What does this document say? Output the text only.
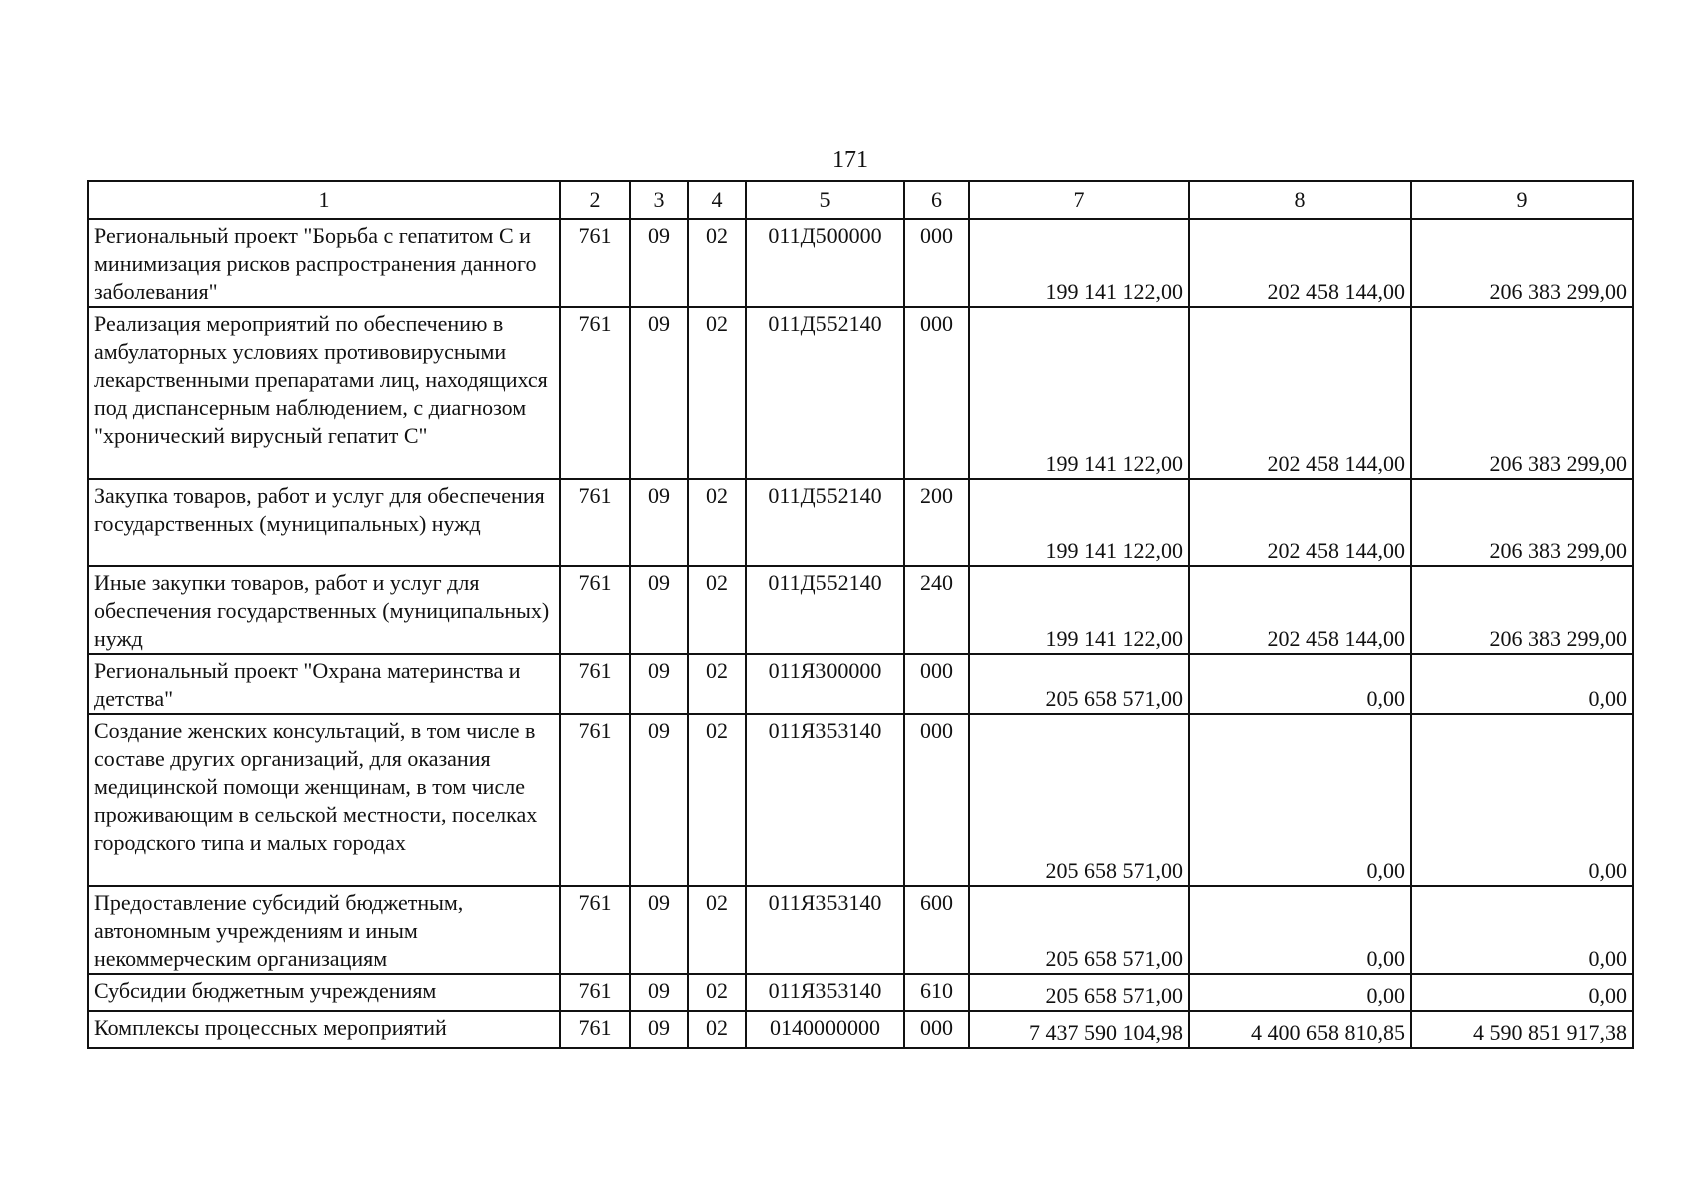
171
1	2	3	4	5	6	7	8	9
Региональный проект "Борьба с гепатитом С и минимизация рисков распространения данного заболевания"	761	09	02	011Д500000	000	199 141 122,00	202 458 144,00	206 383 299,00
Реализация мероприятий по обеспечению в амбулаторных условиях противовирусными лекарственными препаратами лиц, находящихся под диспансерным наблюдением, с диагнозом "хронический вирусный гепатит С"	761	09	02	011Д552140	000	199 141 122,00	202 458 144,00	206 383 299,00
Закупка товаров, работ и услуг для обеспечения государственных (муниципальных) нужд	761	09	02	011Д552140	200	199 141 122,00	202 458 144,00	206 383 299,00
Иные закупки товаров, работ и услуг для обеспечения государственных (муниципальных) нужд	761	09	02	011Д552140	240	199 141 122,00	202 458 144,00	206 383 299,00
Региональный проект "Охрана материнства и детства"	761	09	02	011Я300000	000	205 658 571,00	0,00	0,00
Создание женских консультаций, в том числе в составе других организаций, для оказания медицинской помощи женщинам, в том числе проживающим в сельской местности, поселках городского типа и малых городах	761	09	02	011Я353140	000	205 658 571,00	0,00	0,00
Предоставление субсидий бюджетным, автономным учреждениям и иным некоммерческим организациям	761	09	02	011Я353140	600	205 658 571,00	0,00	0,00
Субсидии бюджетным учреждениям	761	09	02	011Я353140	610	205 658 571,00	0,00	0,00
Комплексы процессных мероприятий	761	09	02	0140000000	000	7 437 590 104,98	4 400 658 810,85	4 590 851 917,38
